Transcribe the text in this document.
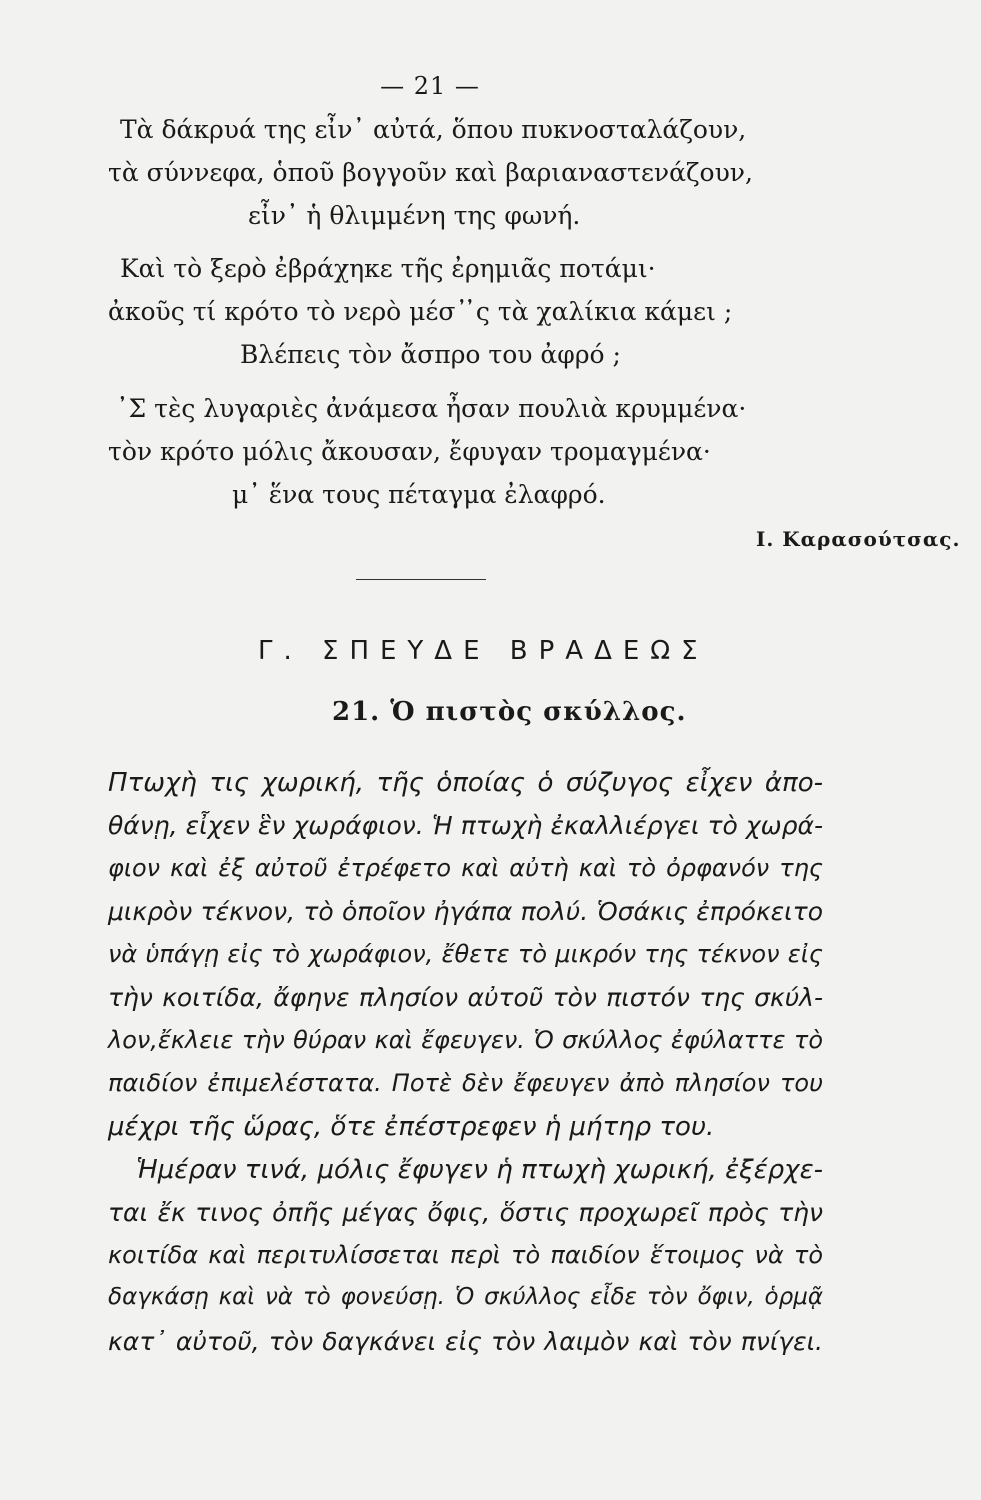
— 21 —
Τὰ δάκρυά της εἶν᾽ αὐτά, ὅπου πυκνοσταλάζουν,
τὰ σύννεφα, ὁποῦ βογγοῦν καὶ βαριαναστενάζουν,
εἶν᾽ ἡ θλιμμένη της φωνή.
Καὶ τὸ ξερὸ ἐβράχηκε τῆς ἐρημιᾶς ποτάμι·
ἀκοῦς τί κρότο τὸ νερὸ μέσ᾽ ̓ς τὰ χαλίκια κάμει ;
Βλέπεις τὸν ἄσπρο του ἀφρό ;
᾿Σ τὲς λυγαριὲς ἀνάμεσα ἦσαν πουλιὰ κρυμμένα·
τὸν κρότο μόλις ἄκουσαν, ἔφυγαν τρομαγμένα·
μ᾽ ἕνα τους πέταγμα ἐλαφρό.
Ι. Καρασούτσας.
Γ. ΣΠΕΥΔΕ ΒΡΑΔΕΩΣ
21. Ὁ πιστὸς σκύλλος.
Πτωχὴ τις χωρική, τῆς ὁποίας ὁ σύζυγος εἶχεν ἀπο-
θάνῃ, εἶχεν ἓν χωράφιον. Ἡ πτωχὴ ἐκαλλιέργει τὸ χωρά-
φιον καὶ ἐξ αὐτοῦ ἐτρέφετο καὶ αὐτὴ καὶ τὸ ὀρφανόν της
μικρὸν τέκνον, τὸ ὁποῖον ἠγάπα πολύ. Ὁσάκις ἐπρόκειτο
νὰ ὑπάγῃ εἰς τὸ χωράφιον, ἔθετε τὸ μικρόν της τέκνον εἰς
τὴν κοιτίδα, ἄφηνε πλησίον αὐτοῦ τὸν πιστόν της σκύλ-
λον,ἔκλειε τὴν θύραν καὶ ἔφευγεν. Ὁ σκύλλος ἐφύλαττε τὸ
παιδίον ἐπιμελέστατα. Ποτὲ δὲν ἔφευγεν ἀπὸ πλησίον του
μέχρι τῆς ὥρας, ὅτε ἐπέστρεφεν ἡ μήτηρ του.
Ἡμέραν τινά, μόλις ἔφυγεν ἡ πτωχὴ χωρική, ἐξέρχε-
ται ἔκ τινος ὀπῆς μέγας ὄφις, ὅστις προχωρεῖ πρὸς τὴν
κοιτίδα καὶ περιτυλίσσεται περὶ τὸ παιδίον ἕτοιμος νὰ τὸ
δαγκάσῃ καὶ νὰ τὸ φονεύσῃ. Ὁ σκύλλος εἶδε τὸν ὄφιν, ὁρμᾷ
κατ᾽ αὐτοῦ, τὸν δαγκάνει εἰς τὸν λαιμὸν καὶ τὸν πνίγει.
